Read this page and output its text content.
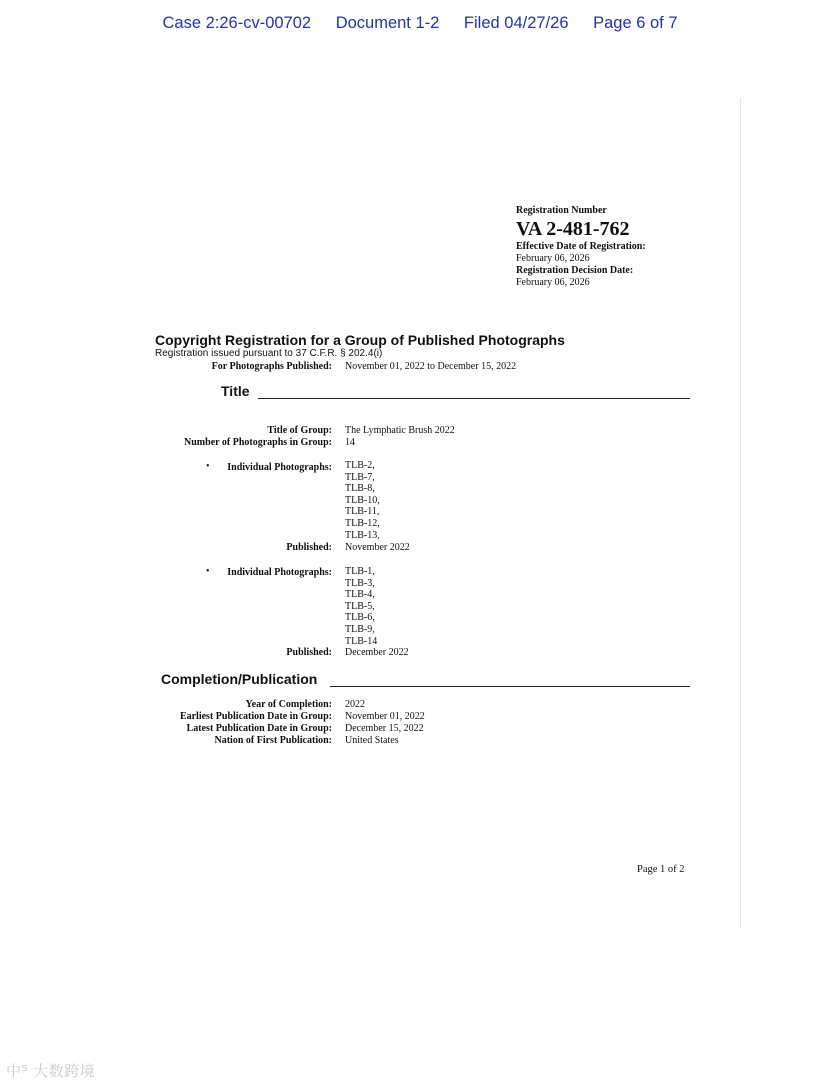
Case 2:26-cv-00702 Document 1-2 Filed 04/27/26 Page 6 of 7
Registration Number
VA 2-481-762
Effective Date of Registration:
February 06, 2026
Registration Decision Date:
February 06, 2026
Copyright Registration for a Group of Published Photographs
Registration issued pursuant to 37 C.F.R. § 202.4(i)
For Photographs Published: November 01, 2022 to December 15, 2022
Title
Title of Group: The Lymphatic Brush 2022
Number of Photographs in Group: 14
• Individual Photographs: TLB-2,
TLB-7,
TLB-8,
TLB-10,
TLB-11,
TLB-12,
TLB-13,
Published: November 2022
• Individual Photographs: TLB-1,
TLB-3,
TLB-4,
TLB-5,
TLB-6,
TLB-9,
TLB-14
Published: December 2022
Completion/Publication
Year of Completion: 2022
Earliest Publication Date in Group: November 01, 2022
Latest Publication Date in Group: December 15, 2022
Nation of First Publication: United States
Page 1 of 2
中⁵ 大数跨境
